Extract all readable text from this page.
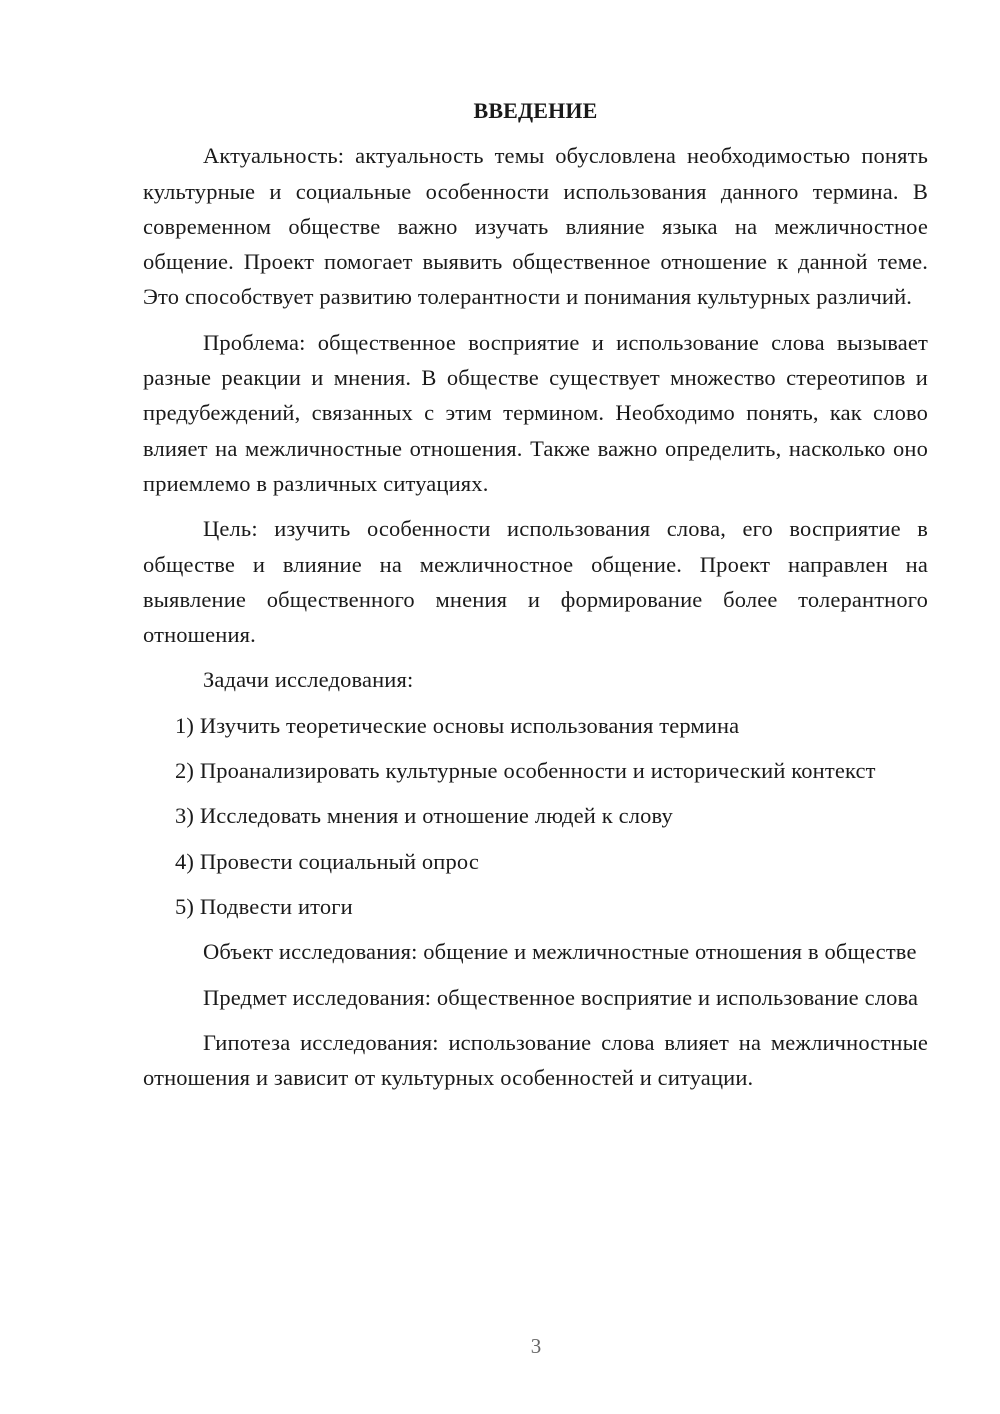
ВВЕДЕНИЕ

Актуальность: актуальность темы обусловлена необходимостью понять культурные и социальные особенности использования данного термина. В современном обществе важно изучать влияние языка на межличностное общение. Проект помогает выявить общественное отношение к данной теме. Это способствует развитию толерантности и понимания культурных различий.

Проблема: общественное восприятие и использование слова вызывает разные реакции и мнения. В обществе существует множество стереотипов и предубеждений, связанных с этим термином. Необходимо понять, как слово влияет на межличностные отношения. Также важно определить, насколько оно приемлемо в различных ситуациях.

Цель: изучить особенности использования слова, его восприятие в обществе и влияние на межличностное общение. Проект направлен на выявление общественного мнения и формирование более толерантного отношения.

Задачи исследования:

1) Изучить теоретические основы использования термина

2) Проанализировать культурные особенности и исторический контекст

3) Исследовать мнения и отношение людей к слову

4) Провести социальный опрос

5) Подвести итоги

Объект исследования: общение и межличностные отношения в обществе

Предмет исследования: общественное восприятие и использование слова

Гипотеза исследования: использование слова влияет на межличностные отношения и зависит от культурных особенностей и ситуации.

3
